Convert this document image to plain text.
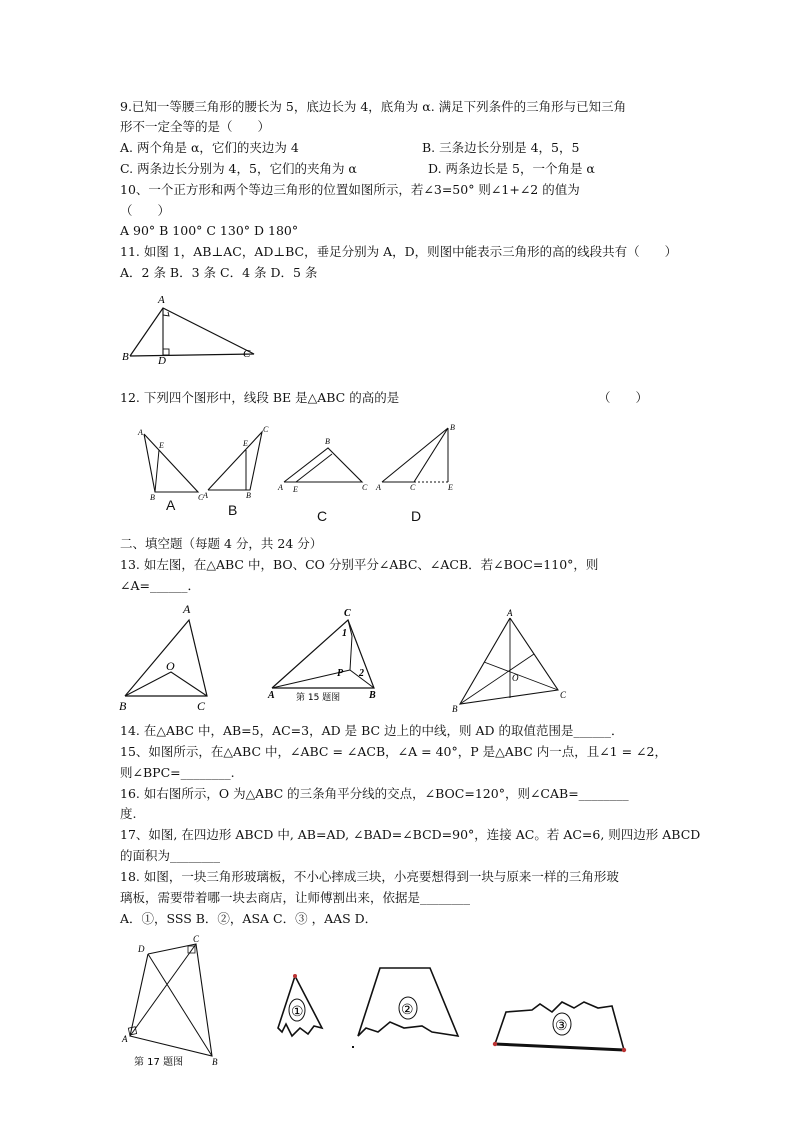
9.已知一等腰三角形的腰长为 5，底边长为 4，底角为 α. 满足下列条件的三角形与已知三角
形不一定全等的是（　　）
A. 两个角是 α，它们的夹边为 4	B. 三条边长分别是 4，5，5
C. 两条边长分别为 4，5，它们的夹角为 α	D. 两条边长是 5，一个角是 α
10、一个正方形和两个等边三角形的位置如图所示，若∠3=50° 则∠1+∠2 的值为
（　　）
A 90° B 100° C 130° D 180°
11. 如图 1，AB⊥AC，AD⊥BC，垂足分别为 A，D，则图中能表示三角形的高的线段共有（　　）
A．2 条 B．3 条 C．4 条 D．5 条
A
B	D
C
12. 下列四个图形中，线段 BE 是△ABC 的高的是	（　　）
A
E
B	C A
E
C
B
B
A E	C
B
A	C	E
A	B	C	D
二、填空题（每题 4 分，共 24 分）
13. 如左图，在△ABC 中，BO、CO 分别平分∠ABC、∠ACB．若∠BOC=110°，则
∠A=______．
A
O
B	C
C
1
P 2
A	B
第 15 题图
A
O
B
C
14. 在△ABC 中，AB=5，AC=3，AD 是 BC 边上的中线，则 AD 的取值范围是______．
15、如图所示，在△ABC 中，∠ABC = ∠ACB，∠A = 40°，P 是△ABC 内一点，且∠1 = ∠2，
则∠BPC=________.
16. 如右图所示，O 为△ABC 的三条角平分线的交点，∠BOC=120°，则∠CAB=________
度.
17、如图, 在四边形 ABCD 中, AB=AD, ∠BAD=∠BCD=90°，连接 AC。若 AC=6, 则四边形 ABCD
的面积为________
18. 如图，一块三角形玻璃板，不小心摔成三块，小亮要想得到一块与原来一样的三角形玻
璃板，需要带着哪一块去商店，让师傅割出来，依据是________
A．①，SSS B．②，ASA C．③ ，AAS D．
D
C
A
B
第 17 题图
①	②
③
